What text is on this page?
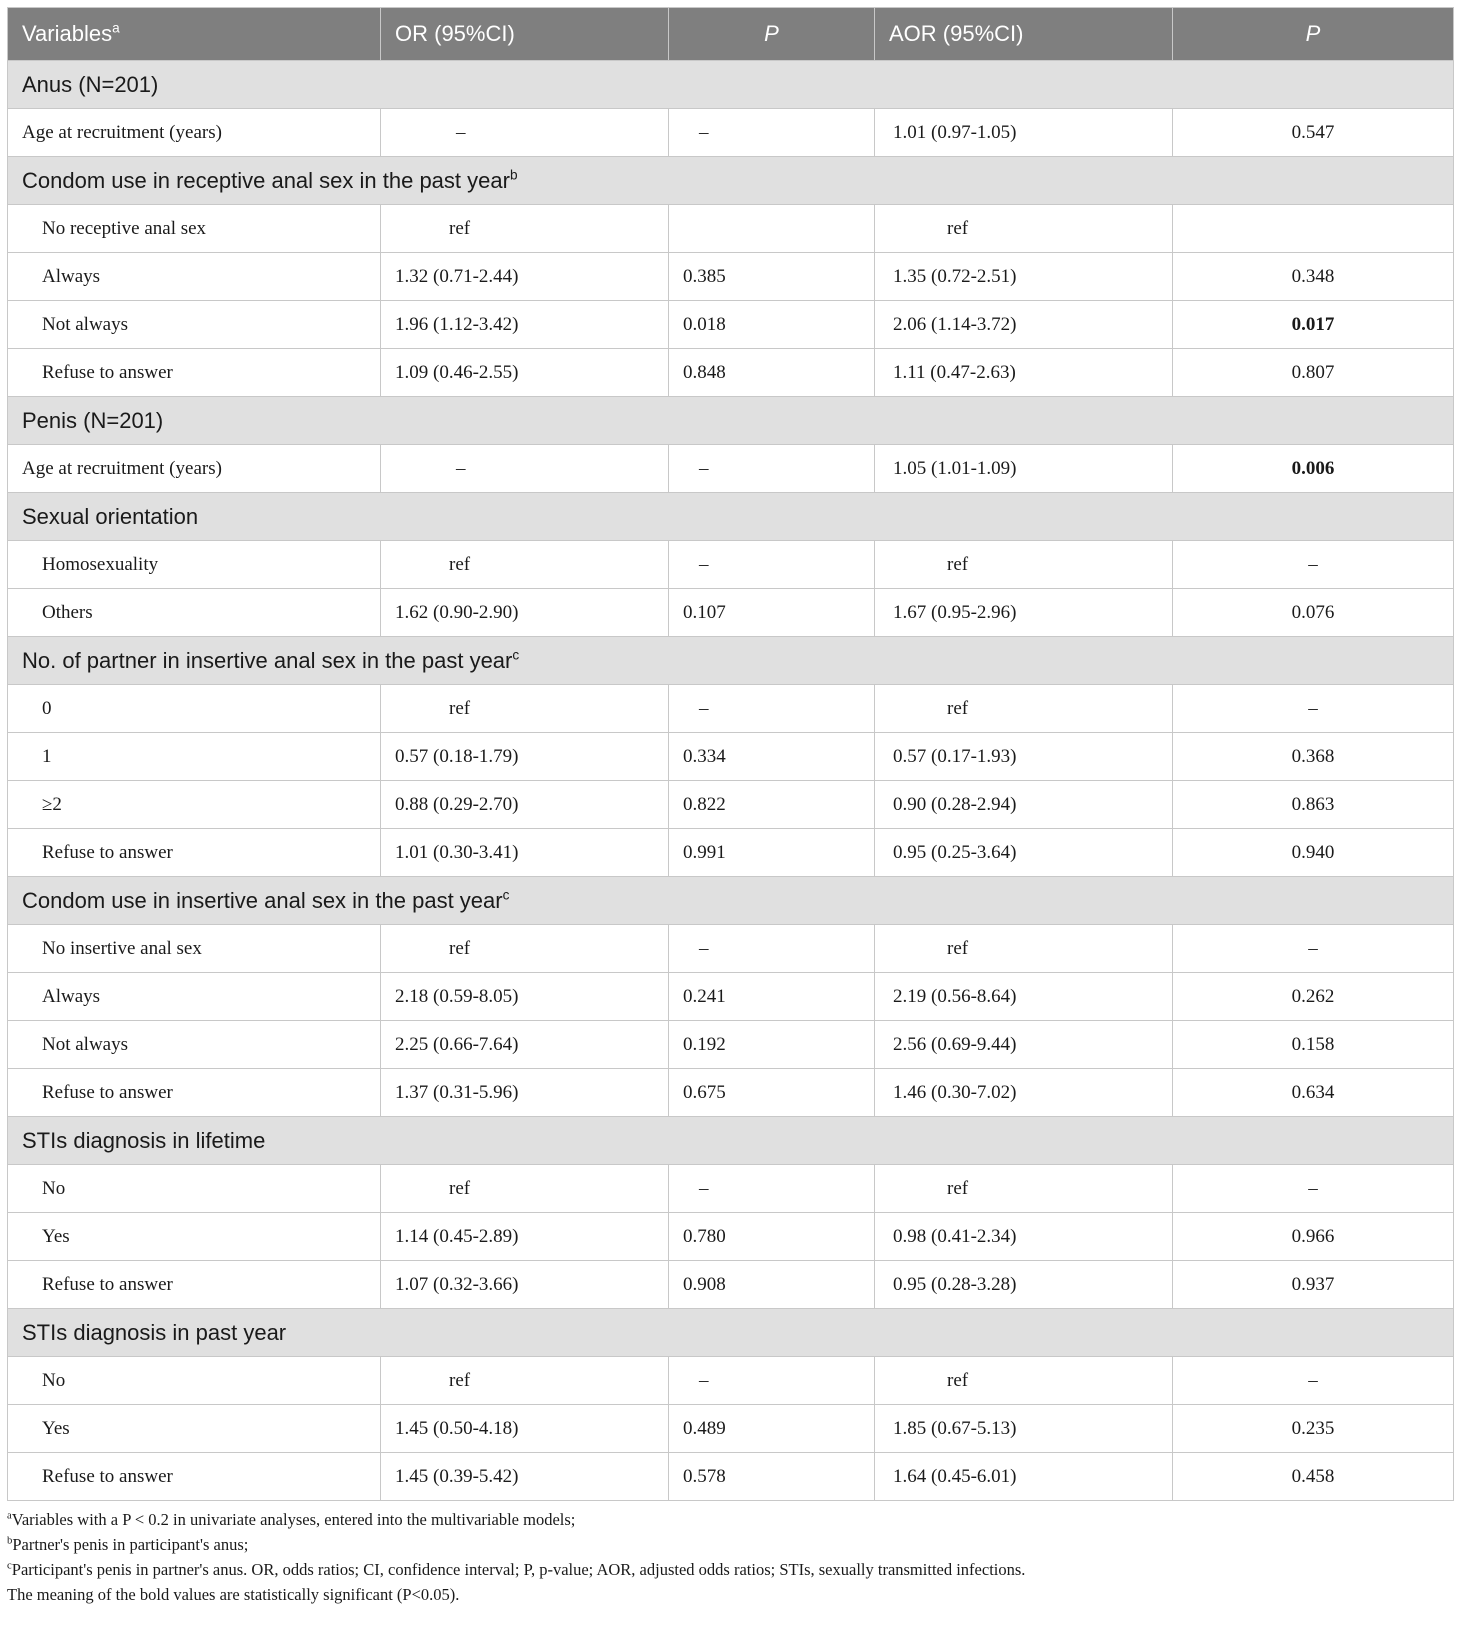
Variables$^a$	OR (95%CI)	P	AOR (95%CI)	P
Anus (N=201)				
Age at recruitment (years)	–	–	1.01 (0.97-1.05)	0.547
Condom use in receptive anal sex in the past year$^b$
No receptive anal sex	ref		ref	
Always	1.32 (0.71-2.44)	0.385	1.35 (0.72-2.51)	0.348
Not always	1.96 (1.12-3.42)	0.018	2.06 (1.14-3.72)	0.017
Refuse to answer	1.09 (0.46-2.55)	0.848	1.11 (0.47-2.63)	0.807
Penis (N=201)				
Age at recruitment (years)	–	–	1.05 (1.01-1.09)	0.006
Sexual orientation				
Homosexuality	ref	–	ref	–
Others	1.62 (0.90-2.90)	0.107	1.67 (0.95-2.96)	0.076
No. of partner in insertive anal sex in the past year$^c$
0	ref	–	ref	–
1	0.57 (0.18-1.79)	0.334	0.57 (0.17-1.93)	0.368
≥2	0.88 (0.29-2.70)	0.822	0.90 (0.28-2.94)	0.863
Refuse to answer	1.01 (0.30-3.41)	0.991	0.95 (0.25-3.64)	0.940
Condom use in insertive anal sex in the past year$^c$
No insertive anal sex	ref	–	ref	–
Always	2.18 (0.59-8.05)	0.241	2.19 (0.56-8.64)	0.262
Not always	2.25 (0.66-7.64)	0.192	2.56 (0.69-9.44)	0.158
Refuse to answer	1.37 (0.31-5.96)	0.675	1.46 (0.30-7.02)	0.634
STIs diagnosis in lifetime				
No	ref	–	ref	–
Yes	1.14 (0.45-2.89)	0.780	0.98 (0.41-2.34)	0.966
Refuse to answer	1.07 (0.32-3.66)	0.908	0.95 (0.28-3.28)	0.937
STIs diagnosis in past year				
No	ref	–	ref	–
Yes	1.45 (0.50-4.18)	0.489	1.85 (0.67-5.13)	0.235
Refuse to answer	1.45 (0.39-5.42)	0.578	1.64 (0.45-6.01)	0.458
$^a$Variables with a P < 0.2 in univariate analyses, entered into the multivariable models;
$^b$Partner's penis in participant's anus;
$^c$Participant's penis in partner's anus. OR, odds ratios; CI, confidence interval; P, p-value; AOR, adjusted odds ratios; STIs, sexually transmitted infections.
The meaning of the bold values are statistically significant (P<0.05).
